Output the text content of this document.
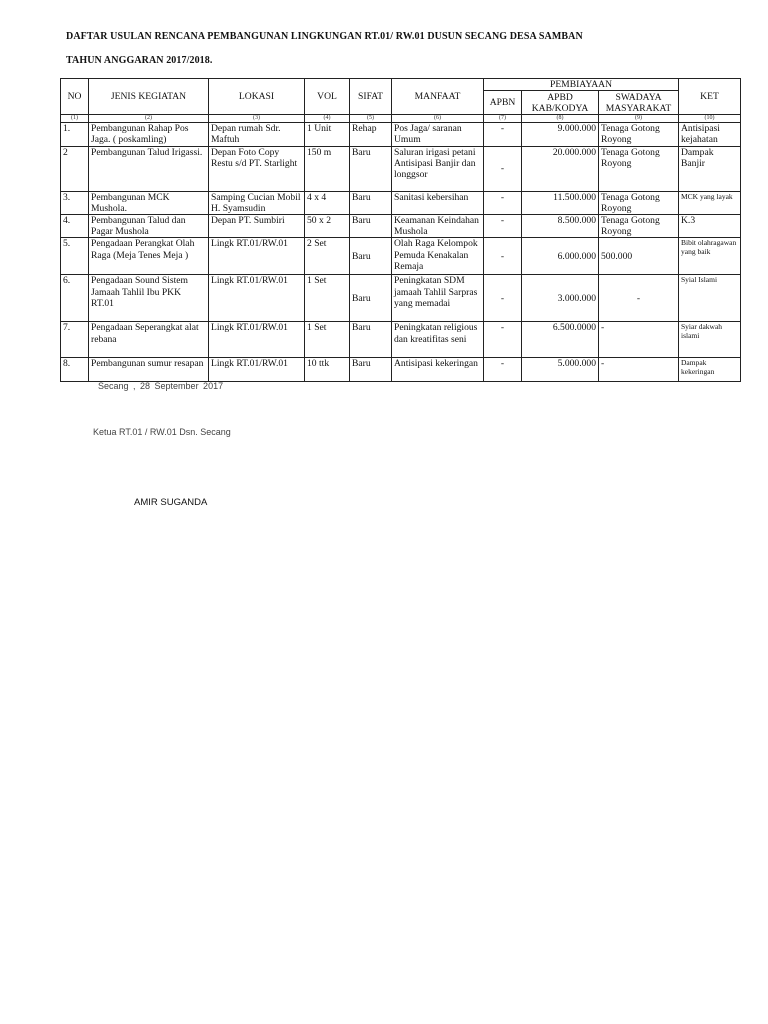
DAFTAR USULAN RENCANA PEMBANGUNAN LINGKUNGAN RT.01/ RW.01 DUSUN SECANG DESA SAMBAN
TAHUN ANGGARAN 2017/2018.
NO	JENIS KEGIATAN	LOKASI	VOL	SIFAT	MANFAAT	PEMBIAYAAN			KET
						APBN	APBD KAB/KODYA	SWADAYA MASYARAKAT	
(1)	(2)	(3)	(4)	(5)	(6)	(7)	(8)	(9)	(10)
1.	Pembangunan Rahap Pos Jaga. ( poskamling)	Depan rumah Sdr. Maftuh	1 Unit	Rehap	Pos Jaga/ saranan Umum	-	9.000.000	Tenaga Gotong Royong	Antisipasi kejahatan
2	Pembangunan Talud Irigassi.	Depan Foto Copy Restu s/d PT. Starlight	150 m	Baru	Saluran irigasi petani Antisipasi Banjir dan longgsor	-	20.000.000	Tenaga Gotong Royong	Dampak Banjir
3.	Pembangunan MCK Mushola.	Samping Cucian Mobil H. Syamsudin	4 x 4	Baru	Sanitasi kebersihan	-	11.500.000	Tenaga Gotong Royong	MCK yang layak
4.	Pembangunan Talud dan Pagar Mushola	Depan PT. Sumbiri	50 x 2	Baru	Keamanan Keindahan Mushola	-	8.500.000	Tenaga Gotong Royong	K.3
5.	Pengadaan Perangkat Olah Raga (Meja Tenes Meja )	Lingk RT.01/RW.01	2 Set	Baru	Olah Raga Kelompok Pemuda Kenakalan Remaja	-	6.000.000	500.000	Bibit olahragawan yang baik
6.	Pengadaan Sound Sistem Jamaah Tahlil Ibu PKK RT.01	Lingk RT.01/RW.01	1 Set	Baru	Peningkatan SDM jamaah Tahlil Sarpras yang memadai	-	3.000.000	-	Syial Islami
7.	Pengadaan Seperangkat alat rebana	Lingk RT.01/RW.01	1 Set	Baru	Peningkatan religious dan kreatifitas seni	-	6.500.0000	-	Syiar dakwah islami
8.	Pembangunan sumur resapan	Lingk RT.01/RW.01	10 ttk	Baru	Antisipasi kekeringan	-	5.000.000	-	Dampak kekeringan
Secang , 28 September 2017
Ketua RT.01 / RW.01 Dsn. Secang
AMIR SUGANDA
